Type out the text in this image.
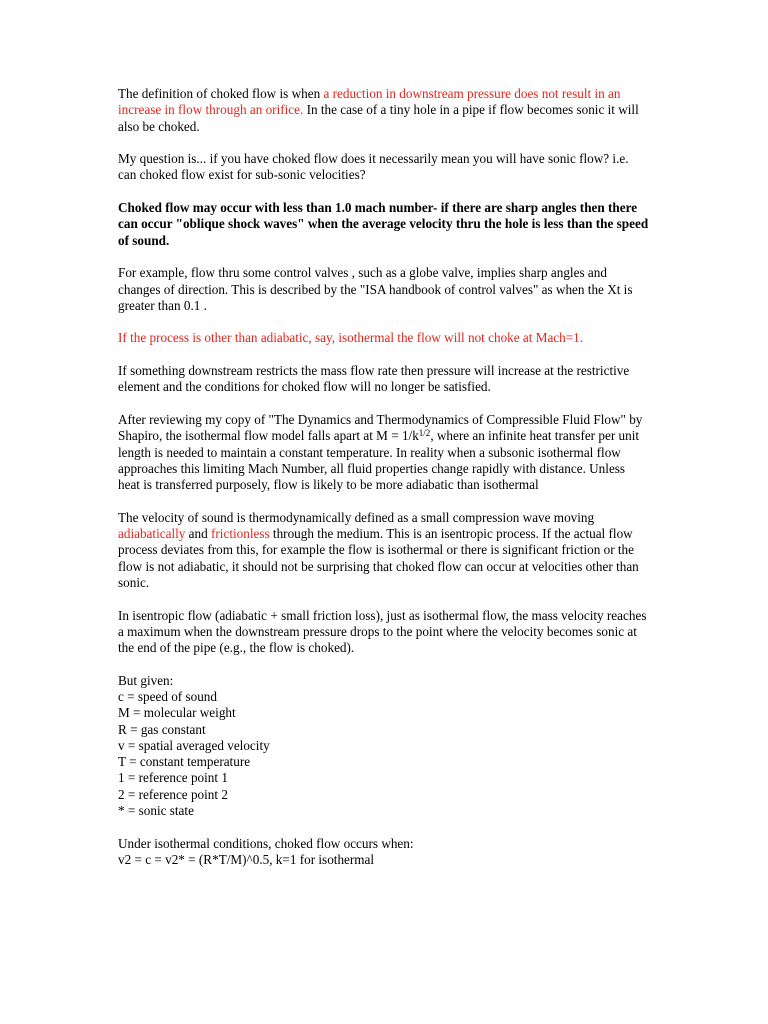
The definition of choked flow is when a reduction in downstream pressure does not result in an increase in flow through an orifice. In the case of a tiny hole in a pipe if flow becomes sonic it will also be choked.

My question is... if you have choked flow does it necessarily mean you will have sonic flow? i.e. can choked flow exist for sub-sonic velocities?

Choked flow may occur with less than 1.0 mach number- if there are sharp angles then there can occur "oblique shock waves" when the average velocity thru the hole is less than the speed of sound.

For example, flow thru some control valves , such as a globe valve, implies sharp angles and changes of direction. This is described by the "ISA handbook of control valves" as when the Xt is greater than 0.1 .

If the process is other than adiabatic, say, isothermal the flow will not choke at Mach=1.

If something downstream restricts the mass flow rate then pressure will increase at the restrictive element and the conditions for choked flow will no longer be satisfied.

After reviewing my copy of "The Dynamics and Thermodynamics of Compressible Fluid Flow" by Shapiro, the isothermal flow model falls apart at $M = 1/k^{1/2}$, where an infinite heat transfer per unit length is needed to maintain a constant temperature. In reality when a subsonic isothermal flow approaches this limiting Mach Number, all fluid properties change rapidly with distance. Unless heat is transferred purposely, flow is likely to be more adiabatic than isothermal

The velocity of sound is thermodynamically defined as a small compression wave moving adiabatically and frictionless through the medium. This is an isentropic process. If the actual flow process deviates from this, for example the flow is isothermal or there is significant friction or the flow is not adiabatic, it should not be surprising that choked flow can occur at velocities other than sonic.

In isentropic flow (adiabatic + small friction loss), just as isothermal flow, the mass velocity reaches a maximum when the downstream pressure drops to the point where the velocity becomes sonic at the end of the pipe (e.g., the flow is choked).

But given:
c = speed of sound
M = molecular weight
R = gas constant
v = spatial averaged velocity
T = constant temperature
1 = reference point 1
2 = reference point 2
* = sonic state
Under isothermal conditions, choked flow occurs when:
v2 = c = v2* = (R*T/M)^0.5, k=1 for isothermal
